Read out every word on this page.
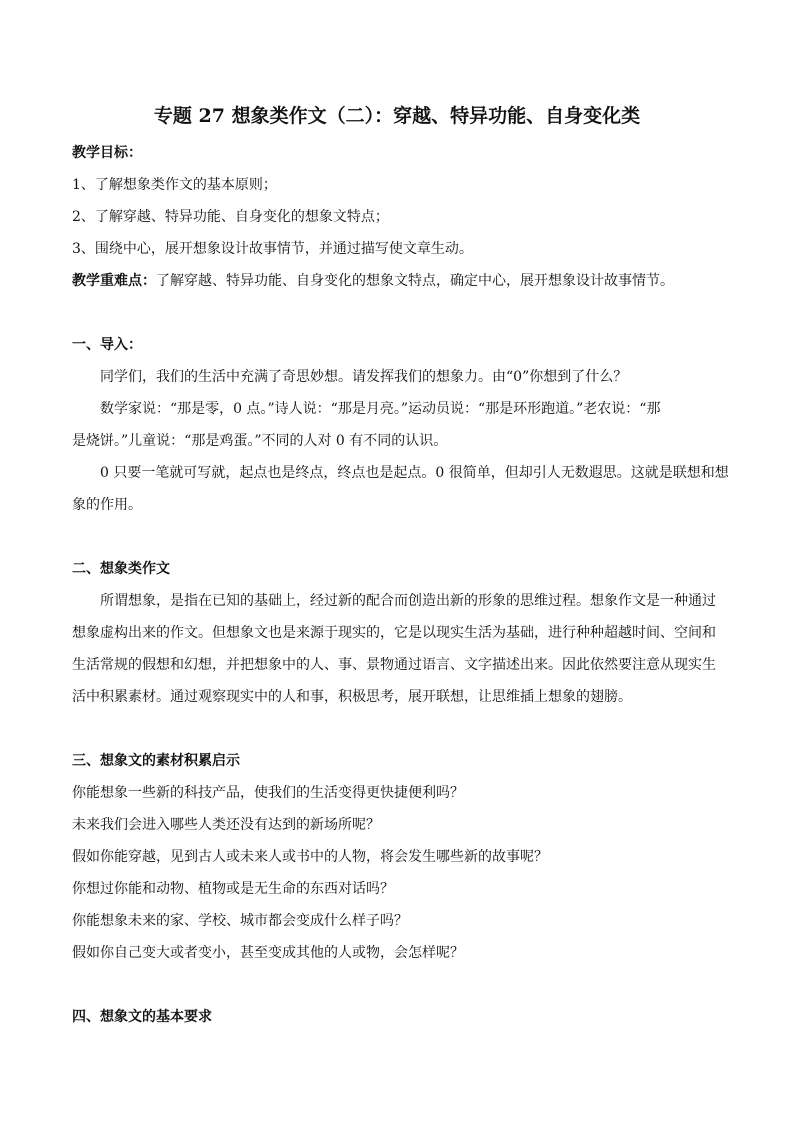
专题 27 想象类作文（二）：穿越、特异功能、自身变化类
教学目标：
1、了解想象类作文的基本原则；
2、了解穿越、特异功能、自身变化的想象文特点；
3、围绕中心，展开想象设计故事情节，并通过描写使文章生动。
教学重难点：了解穿越、特异功能、自身变化的想象文特点，确定中心，展开想象设计故事情节。
一、导入：
同学们，我们的生活中充满了奇思妙想。请发挥我们的想象力。由“0”你想到了什么？
数学家说：“那是零，0 点。”诗人说：“那是月亮。”运动员说：“那是环形跑道。”老农说：“那
是烧饼。”儿童说：“那是鸡蛋。”不同的人对 0 有不同的认识。
0 只要一笔就可写就，起点也是终点，终点也是起点。0 很简单，但却引人无数遐思。这就是联想和想
象的作用。
二、想象类作文
所谓想象，是指在已知的基础上，经过新的配合而创造出新的形象的思维过程。想象作文是一种通过
想象虚构出来的作文。但想象文也是来源于现实的，它是以现实生活为基础，进行种种超越时间、空间和
生活常规的假想和幻想，并把想象中的人、事、景物通过语言、文字描述出来。因此依然要注意从现实生
活中积累素材。通过观察现实中的人和事，积极思考，展开联想，让思维插上想象的翅膀。
三、想象文的素材积累启示
你能想象一些新的科技产品，使我们的生活变得更快捷便利吗？
未来我们会进入哪些人类还没有达到的新场所呢？
假如你能穿越，见到古人或未来人或书中的人物，将会发生哪些新的故事呢？
你想过你能和动物、植物或是无生命的东西对话吗？
你能想象未来的家、学校、城市都会变成什么样子吗？
假如你自己变大或者变小，甚至变成其他的人或物，会怎样呢？
四、想象文的基本要求
